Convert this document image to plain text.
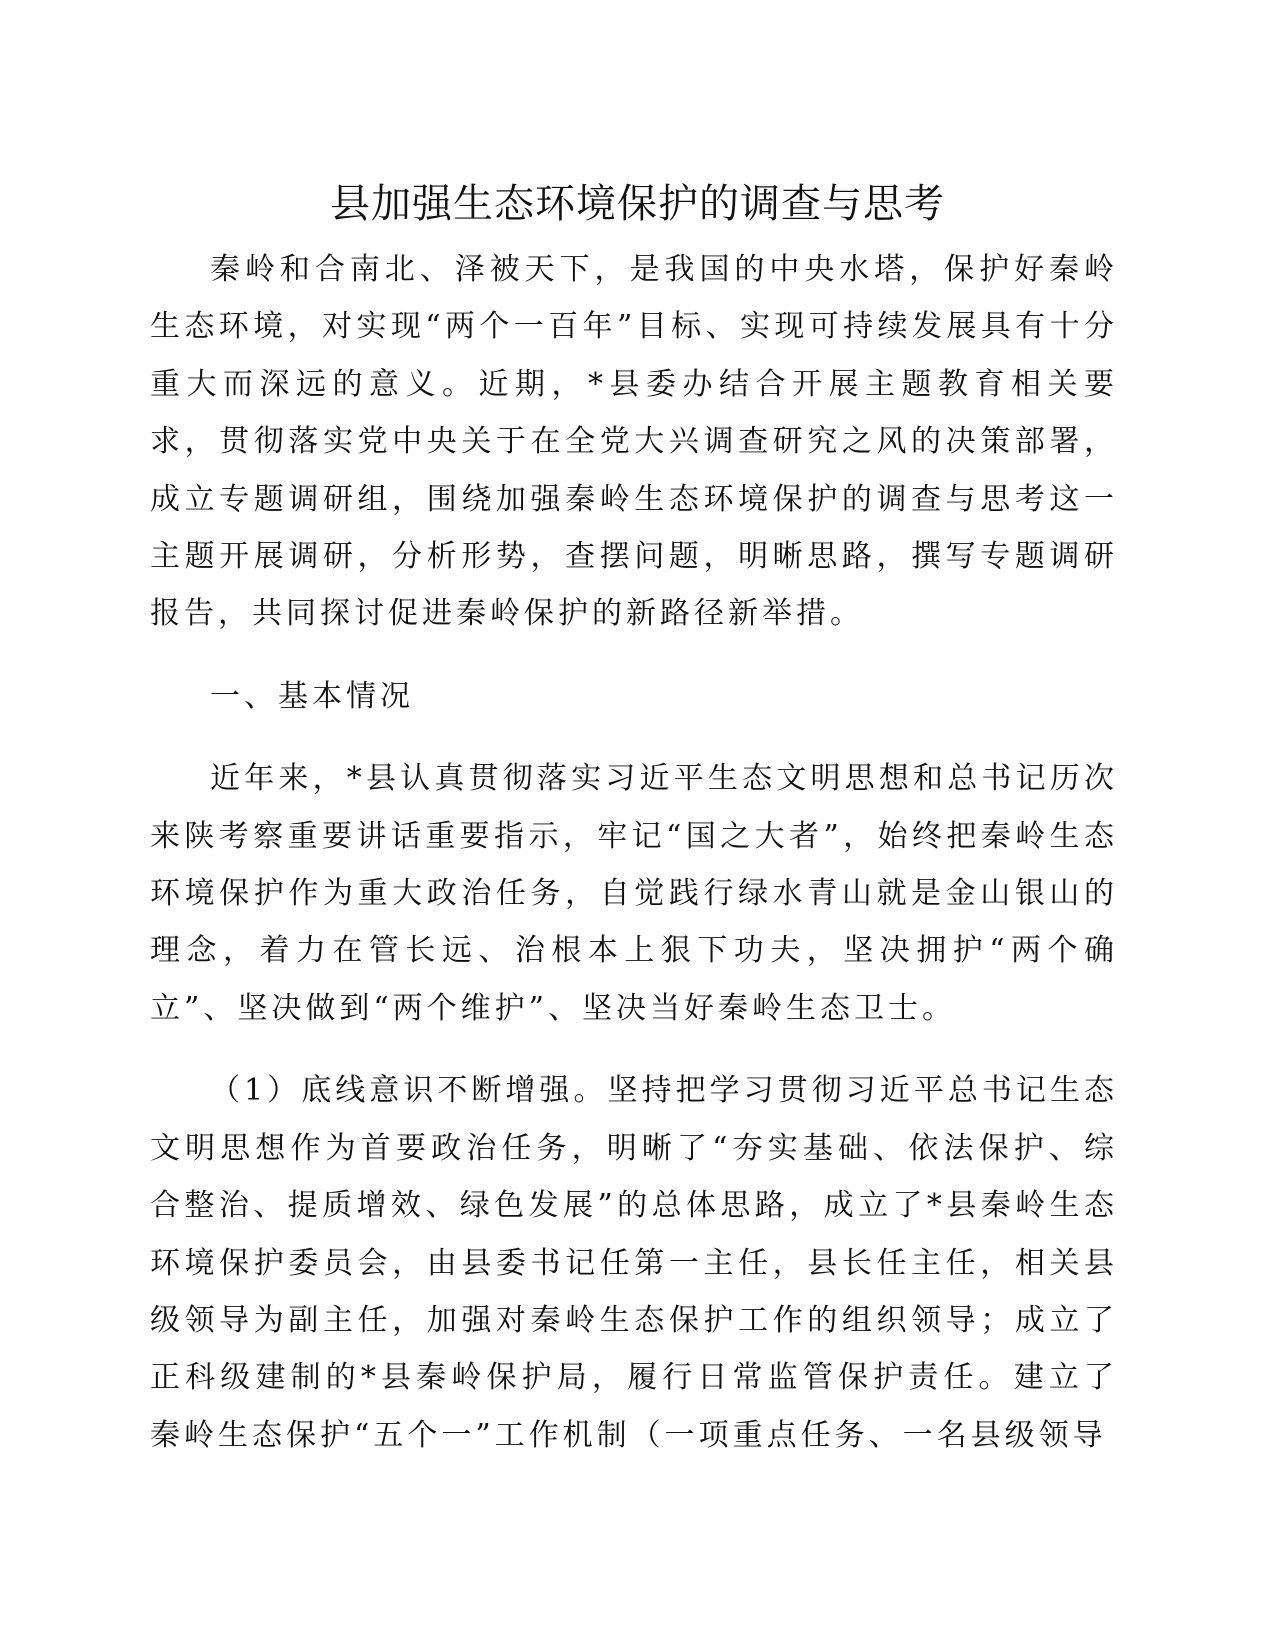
县加强生态环境保护的调查与思考

秦岭和合南北、泽被天下，是我国的中央水塔，保护好秦岭生态环境，对实现“两个一百年”目标、实现可持续发展具有十分重大而深远的意义。近期，*县委办结合开展主题教育相关要求，贯彻落实党中央关于在全党大兴调查研究之风的决策部署，成立专题调研组，围绕加强秦岭生态环境保护的调查与思考这一主题开展调研，分析形势，查摆问题，明晰思路，撰写专题调研报告，共同探讨促进秦岭保护的新路径新举措。

一、基本情况

近年来，*县认真贯彻落实习近平生态文明思想和总书记历次来陕考察重要讲话重要指示，牢记“国之大者”，始终把秦岭生态环境保护作为重大政治任务，自觉践行绿水青山就是金山银山的理念，着力在管长远、治根本上狠下功夫，坚决拥护“两个确立”、坚决做到“两个维护”、坚决当好秦岭生态卫士。

（1）底线意识不断增强。坚持把学习贯彻习近平总书记生态文明思想作为首要政治任务，明晰了“夯实基础、依法保护、综合整治、提质增效、绿色发展”的总体思路，成立了*县秦岭生态环境保护委员会，由县委书记任第一主任，县长任主任，相关县级领导为副主任，加强对秦岭生态保护工作的组织领导；成立了正科级建制的*县秦岭保护局，履行日常监管保护责任。建立了秦岭生态保护“五个一”工作机制（一项重点任务、一名县级领导
